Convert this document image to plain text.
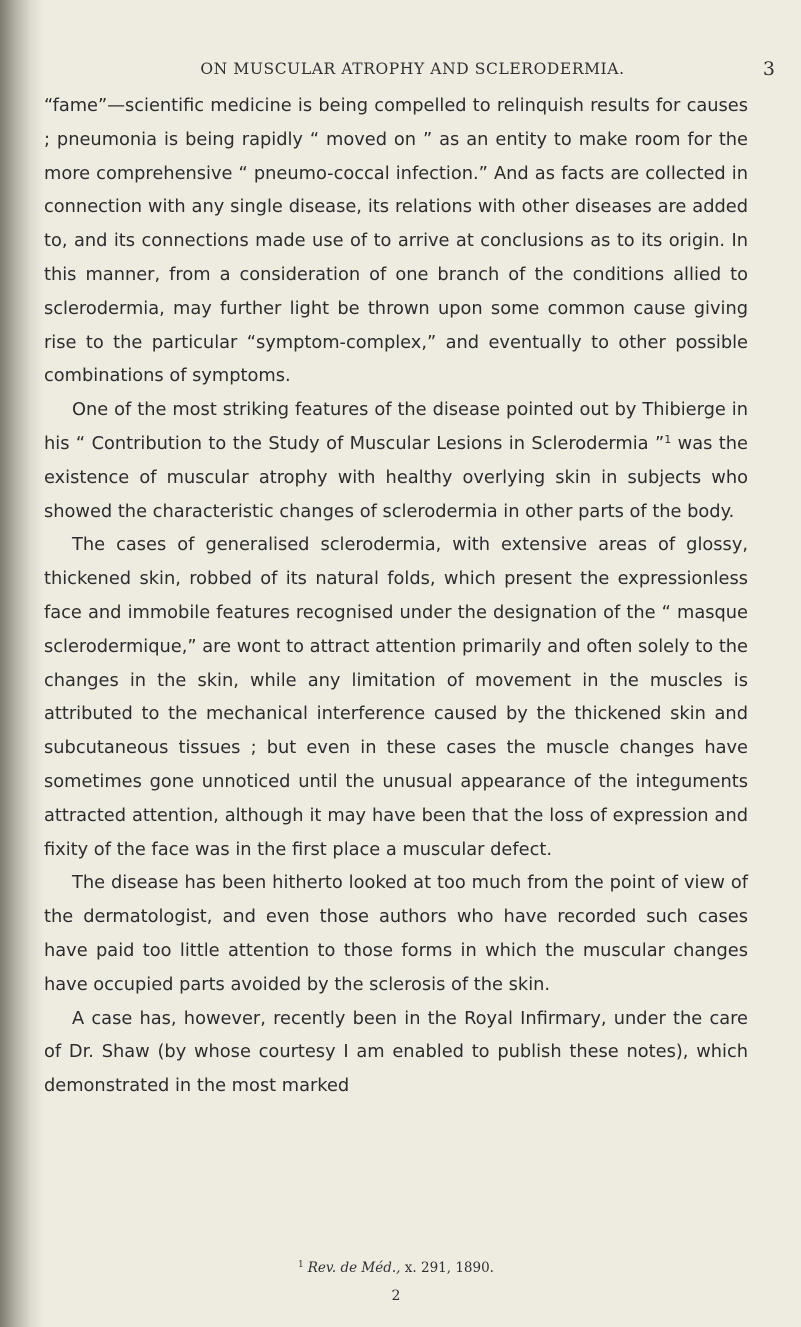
ON MUSCULAR ATROPHY AND SCLERODERMIA.	3

“fame”—scientific medicine is being compelled to relinquish results for causes ; pneumonia is being rapidly “ moved on ” as an entity to make room for the more comprehensive “ pneumo-coccal infection.” And as facts are collected in connection with any single disease, its relations with other diseases are added to, and its connections made use of to arrive at conclusions as to its origin. In this manner, from a consideration of one branch of the conditions allied to sclerodermia, may further light be thrown upon some common cause giving rise to the particular “symptom-complex,” and eventually to other possible combinations of symptoms.

One of the most striking features of the disease pointed out by Thibierge in his “ Contribution to the Study of Muscular Lesions in Sclerodermia ”$^1$ was the existence of muscular atrophy with healthy overlying skin in subjects who showed the characteristic changes of sclerodermia in other parts of the body.

The cases of generalised sclerodermia, with extensive areas of glossy, thickened skin, robbed of its natural folds, which present the expressionless face and immobile features recognised under the designation of the “ masque sclerodermique,” are wont to attract attention primarily and often solely to the changes in the skin, while any limitation of movement in the muscles is attributed to the mechanical interference caused by the thickened skin and subcutaneous tissues ; but even in these cases the muscle changes have sometimes gone unnoticed until the unusual appearance of the integuments attracted attention, although it may have been that the loss of expression and fixity of the face was in the first place a muscular defect.

The disease has been hitherto looked at too much from the point of view of the dermatologist, and even those authors who have recorded such cases have paid too little attention to those forms in which the muscular changes have occupied parts avoided by the sclerosis of the skin.

A case has, however, recently been in the Royal Infirmary, under the care of Dr. Shaw (by whose courtesy I am enabled to publish these notes), which demonstrated in the most marked

$^1$ Rev. de Méd., x. 291, 1890.
2
